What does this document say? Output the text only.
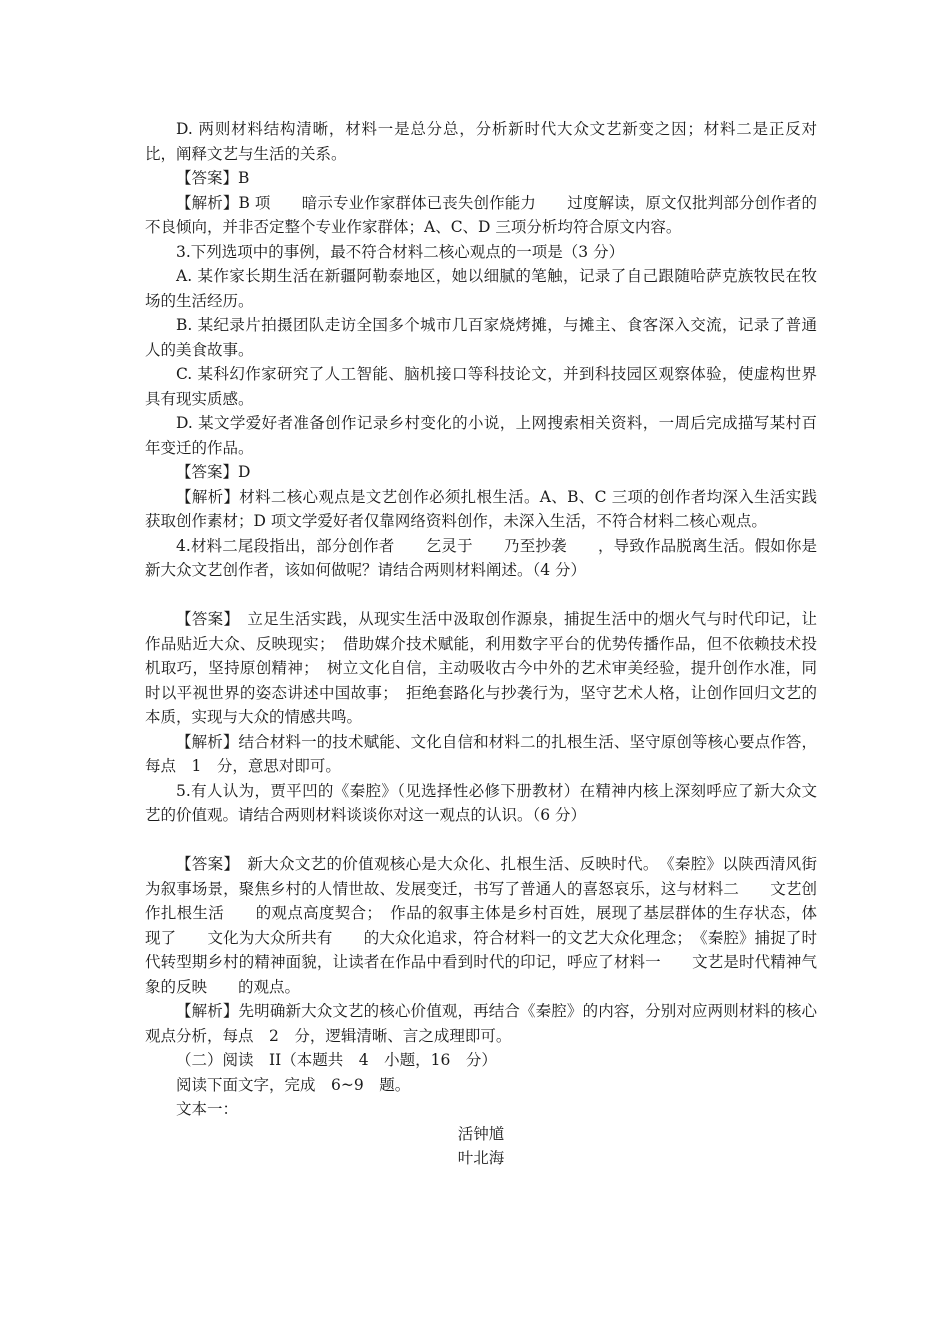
D. 两则材料结构清晰，材料一是总分总，分析新时代大众文艺新变之因；材料二是正反对比，阐释文艺与生活的关系。

【答案】B

【解析】B 项　　暗示专业作家群体已丧失创作能力　　过度解读，原文仅批判部分创作者的不良倾向，并非否定整个专业作家群体；A、C、D 三项分析均符合原文内容。

3.下列选项中的事例，最不符合材料二核心观点的一项是（3 分）

A. 某作家长期生活在新疆阿勒泰地区，她以细腻的笔触，记录了自己跟随哈萨克族牧民在牧场的生活经历。

B. 某纪录片拍摄团队走访全国多个城市几百家烧烤摊，与摊主、食客深入交流，记录了普通人的美食故事。

C. 某科幻作家研究了人工智能、脑机接口等科技论文，并到科技园区观察体验，使虚构世界具有现实质感。

D. 某文学爱好者准备创作记录乡村变化的小说，上网搜索相关资料，一周后完成描写某村百年变迁的作品。

【答案】D

【解析】材料二核心观点是文艺创作必须扎根生活。A、B、C 三项的创作者均深入生活实践获取创作素材；D 项文学爱好者仅靠网络资料创作，未深入生活，不符合材料二核心观点。

4.材料二尾段指出，部分创作者　　乞灵于　　乃至抄袭　　，导致作品脱离生活。假如你是新大众文艺创作者，该如何做呢？请结合两则材料阐述。（4 分）

【答案】　立足生活实践，从现实生活中汲取创作源泉，捕捉生活中的烟火气与时代印记，让作品贴近大众、反映现实；　借助媒介技术赋能，利用数字平台的优势传播作品，但不依赖技术投机取巧，坚持原创精神；　树立文化自信，主动吸收古今中外的艺术审美经验，提升创作水准，同时以平视世界的姿态讲述中国故事；　拒绝套路化与抄袭行为，坚守艺术人格，让创作回归文艺的本质，实现与大众的情感共鸣。

【解析】结合材料一的技术赋能、文化自信和材料二的扎根生活、坚守原创等核心要点作答，每点　1　分，意思对即可。

5.有人认为，贾平凹的《秦腔》（见选择性必修下册教材）在精神内核上深刻呼应了新大众文艺的价值观。请结合两则材料谈谈你对这一观点的认识。（6 分）

【答案】　新大众文艺的价值观核心是大众化、扎根生活、反映时代。　《秦腔》以陕西清风街为叙事场景，聚焦乡村的人情世故、发展变迁，书写了普通人的喜怒哀乐，这与材料二　　文艺创作扎根生活　　的观点高度契合；　作品的叙事主体是乡村百姓，展现了基层群体的生存状态，体现了　　文化为大众所共有　　的大众化追求，符合材料一的文艺大众化理念；　《秦腔》捕捉了时代转型期乡村的精神面貌，让读者在作品中看到时代的印记，呼应了材料一　　文艺是时代精神气象的反映　　的观点。

【解析】先明确新大众文艺的核心价值观，再结合《秦腔》的内容，分别对应两则材料的核心观点分析，每点　2　分，逻辑清晰、言之成理即可。

（二）阅读　II（本题共　4　小题，16　分）

阅读下面文字，完成　6~9　题。

文本一：

活钟馗

叶北海
